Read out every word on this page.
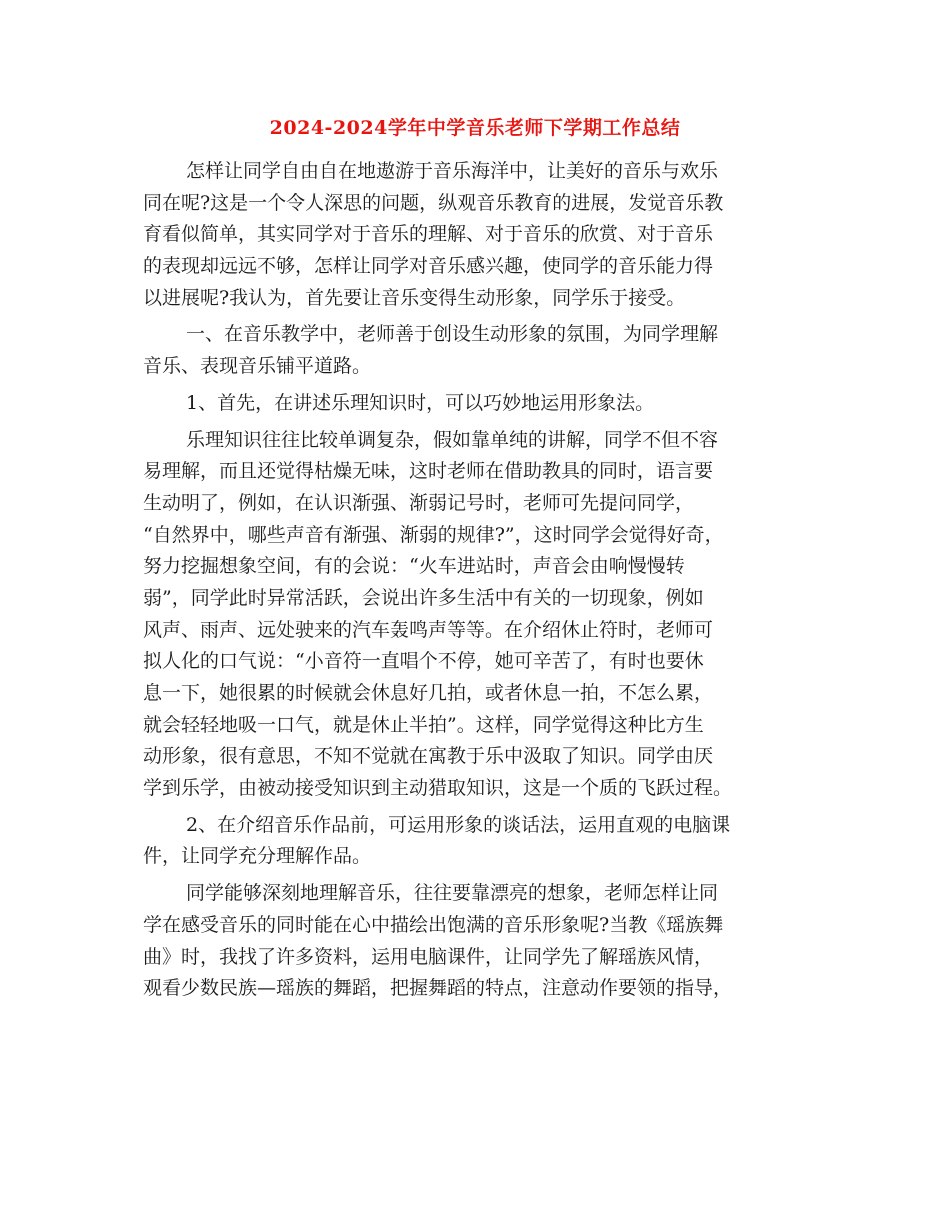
2024-2024学年中学音乐老师下学期工作总结
怎样让同学自由自在地遨游于音乐海洋中，让美好的音乐与欢乐
同在呢?这是一个令人深思的问题，纵观音乐教育的进展，发觉音乐教
育看似简单，其实同学对于音乐的理解、对于音乐的欣赏、对于音乐
的表现却远远不够，怎样让同学对音乐感兴趣，使同学的音乐能力得
以进展呢?我认为，首先要让音乐变得生动形象，同学乐于接受。
一、在音乐教学中，老师善于创设生动形象的氛围，为同学理解
音乐、表现音乐铺平道路。
1、首先，在讲述乐理知识时，可以巧妙地运用形象法。
乐理知识往往比较单调复杂，假如靠单纯的讲解，同学不但不容
易理解，而且还觉得枯燥无味，这时老师在借助教具的同时，语言要
生动明了，例如，在认识渐强、渐弱记号时，老师可先提问同学，
“自然界中，哪些声音有渐强、渐弱的规律?”，这时同学会觉得好奇，
努力挖掘想象空间，有的会说：“火车进站时，声音会由响慢慢转
弱”，同学此时异常活跃，会说出许多生活中有关的一切现象，例如
风声、雨声、远处驶来的汽车轰鸣声等等。在介绍休止符时，老师可
拟人化的口气说：“小音符一直唱个不停，她可辛苦了，有时也要休
息一下，她很累的时候就会休息好几拍，或者休息一拍，不怎么累，
就会轻轻地吸一口气，就是休止半拍”。这样，同学觉得这种比方生
动形象，很有意思，不知不觉就在寓教于乐中汲取了知识。同学由厌
学到乐学，由被动接受知识到主动猎取知识，这是一个质的飞跃过程。
2、在介绍音乐作品前，可运用形象的谈话法，运用直观的电脑课
件，让同学充分理解作品。
同学能够深刻地理解音乐，往往要靠漂亮的想象，老师怎样让同
学在感受音乐的同时能在心中描绘出饱满的音乐形象呢?当教《瑶族舞
曲》时，我找了许多资料，运用电脑课件，让同学先了解瑶族风情，
观看少数民族—瑶族的舞蹈，把握舞蹈的特点，注意动作要领的指导，
